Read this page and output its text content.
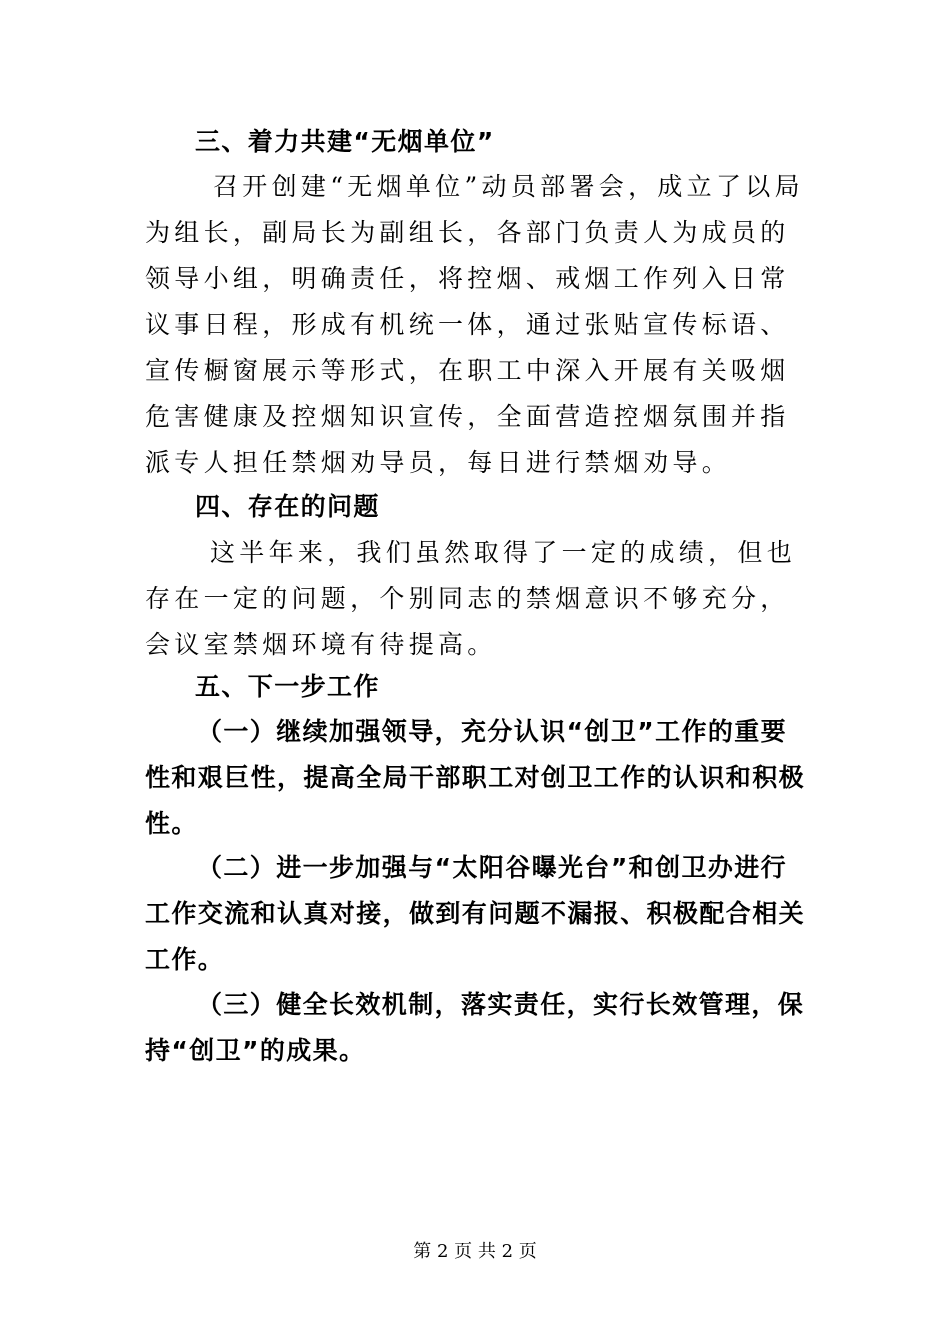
三、着力共建“无烟单位”

召开创建“无烟单位”动员部署会，成立了以局为组长，副局长为副组长，各部门负责人为成员的领导小组，明确责任，将控烟、戒烟工作列入日常议事日程，形成有机统一体，通过张贴宣传标语、宣传橱窗展示等形式，在职工中深入开展有关吸烟危害健康及控烟知识宣传，全面营造控烟氛围并指派专人担任禁烟劝导员，每日进行禁烟劝导。

四、存在的问题

这半年来，我们虽然取得了一定的成绩，但也存在一定的问题，个别同志的禁烟意识不够充分，会议室禁烟环境有待提高。

五、下一步工作

（一）继续加强领导，充分认识“创卫”工作的重要性和艰巨性，提高全局干部职工对创卫工作的认识和积极性。

（二）进一步加强与“太阳谷曝光台”和创卫办进行工作交流和认真对接，做到有问题不漏报、积极配合相关工作。

（三）健全长效机制，落实责任，实行长效管理，保持“创卫”的成果。

第 2 页 共 2 页
